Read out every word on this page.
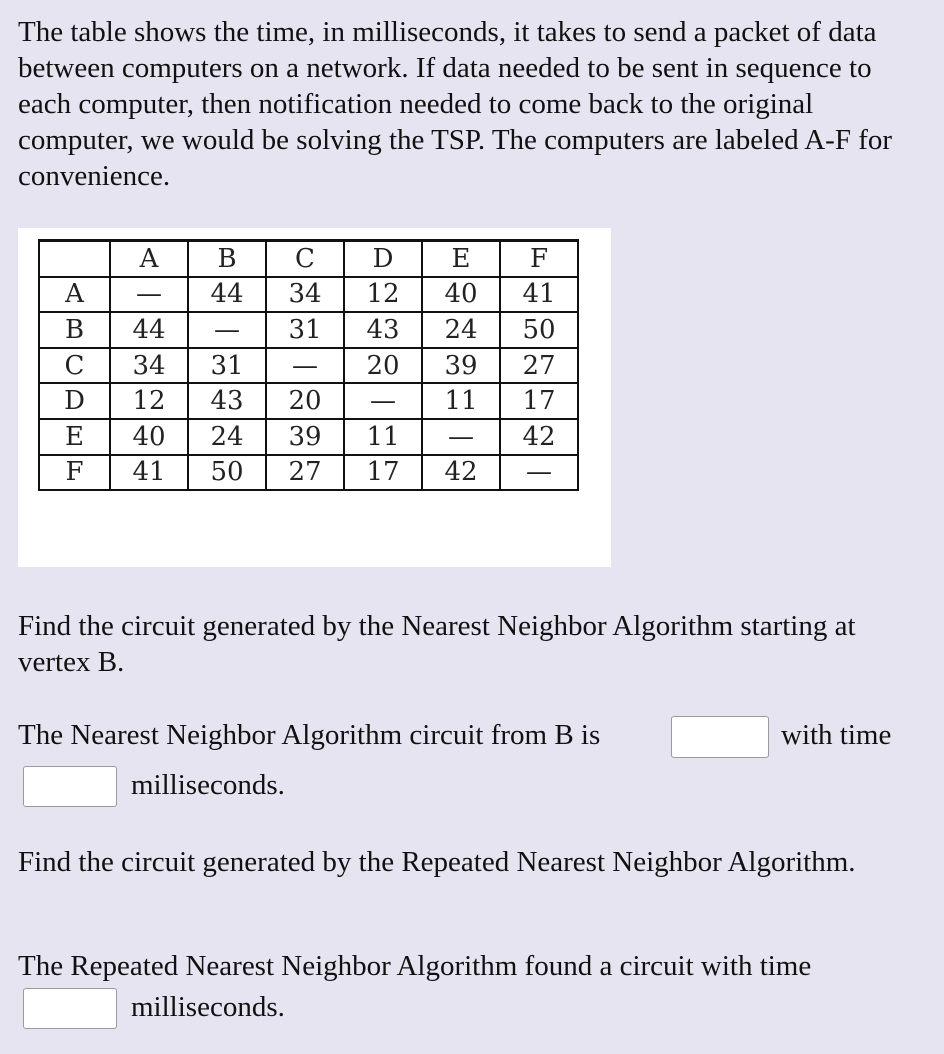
The table shows the time, in milliseconds, it takes to send a packet of data between computers on a network. If data needed to be sent in sequence to each computer, then notification needed to come back to the original computer, we would be solving the TSP. The computers are labeled A-F for convenience.

	A	B	C	D	E	F
A	—	44	34	12	40	41
B	44	—	31	43	24	50
C	34	31	—	20	39	27
D	12	43	20	—	11	17
E	40	24	39	11	—	42
F	41	50	27	17	42	—

Find the circuit generated by the Nearest Neighbor Algorithm starting at vertex B.

The Nearest Neighbor Algorithm circuit from B is	with time
milliseconds.

Find the circuit generated by the Repeated Nearest Neighbor Algorithm.

The Repeated Nearest Neighbor Algorithm found a circuit with time
milliseconds.
